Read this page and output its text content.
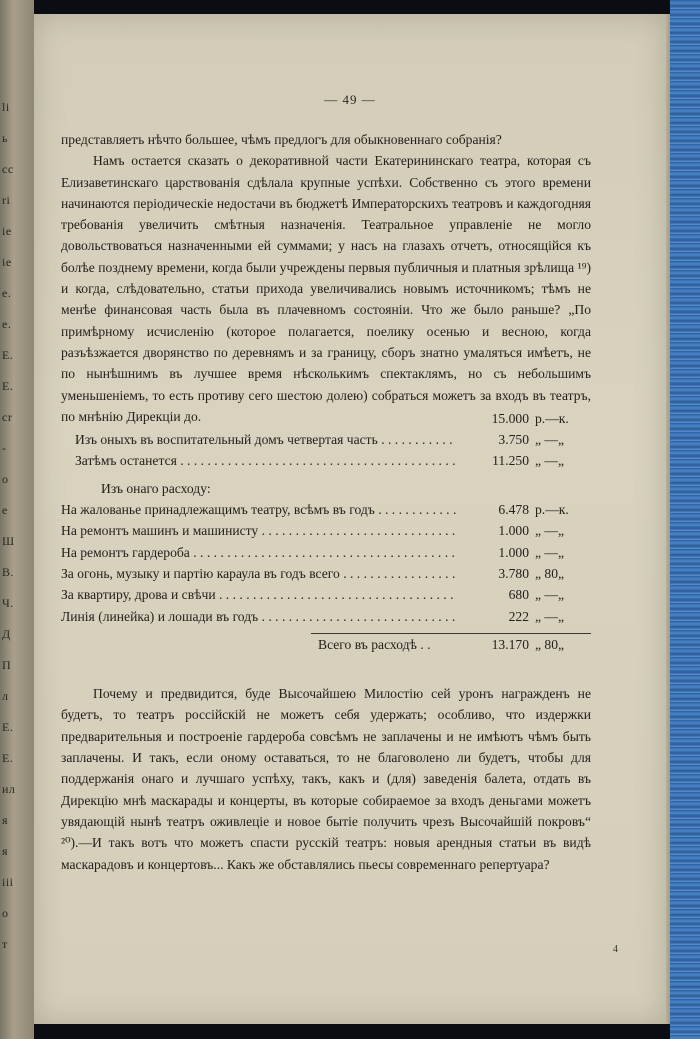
li
ь
сс
ri
ie
ie
e.
e.
E.
E.
cr
-
o
e
Ш
B.
Ч.
Д
П
л
Е.
Е.
ил
я
я
iii
o
т
— 49 —

представляетъ нѣчто большее, чѣмъ предлогъ для обыкновеннаго собранія?

Намъ остается сказать о декоративной части Екатерининскаго театра, которая съ Елизаветинскаго царствованія сдѣлала крупные успѣхи. Собственно съ этого времени начинаются періодическіе недостачи въ бюджетѣ Императорскихъ театровъ и каждогодняя требованія увеличить смѣтныя назначенія. Театральное управленіе не могло довольствоваться назначенными ей суммами; у насъ на глазахъ отчетъ, относящійся къ болѣе позднему времени, когда были учреждены первыя публичныя и платныя зрѣлища ¹⁹) и когда, слѣдовательно, статьи прихода увеличивались новымъ источникомъ; тѣмъ не менѣе финансовая часть была въ плачевномъ состояніи. Что же было раньше? „По примѣрному исчисленію (которое полагается, поелику осенью и весною, когда разъѣзжается дворянство по деревнямъ и за границу, сборъ знатно умаляться имѣетъ, не по нынѣшнимъ въ лучшее время нѣсколькимъ спектаклямъ, но съ небольшимъ уменьшеніемъ, то есть противу сего шестою долею) собраться можетъ за входъ въ театръ, по мнѣнію Дирекціи до.	15.000 р.—к.
Изъ оныхъ въ воспитательный домъ четвертая часть . . .	3.750 „ —„
Затѣмъ останется . . .	11.250 „ —„
Изъ онаго расходу:
На жалованье принадлежащимъ театру, всѣмъ въ годъ . . .	6.478 р.—к.
На ремонтъ машинъ и машинисту . . .	1.000 „ —„
На ремонтъ гардероба . . .	1.000 „ —„
За огонь, музыку и партію караула въ годъ всего . . .	3.780 „ 80„
За квартиру, дрова и свѣчи . . .	680 „ —„
Линія (линейка) и лошади въ годъ . . .	222 „ —„
Всего въ расходѣ . .	13.170 „ 80„

Почему и предвидится, буде Высочайшею Милостію сей уронъ награжденъ не будетъ, то театръ россійскій не можетъ себя удержать; особливо, что издержки предварительныя и построеніе гардероба совсѣмъ не заплачены и не имѣютъ чѣмъ быть заплачены. И такъ, если оному оставаться, то не благоволено ли будетъ, чтобы для поддержанія онаго и лучшаго успѣху, такъ, какъ и (для) заведенія балета, отдать въ Дирекцію мнѣ маскарады и концерты, въ которые собираемое за входъ деньгами можетъ увядающій нынѣ театръ оживлеціе и новое бытіе получить чрезъ Высочайшій покровъ“ ²⁰).—И такъ вотъ что можетъ спасти русскій театръ: новыя арендныя статьи въ видѣ маскарадовъ и концертовъ... Какъ же обставлялись пьесы современнаго репертуара?

4
